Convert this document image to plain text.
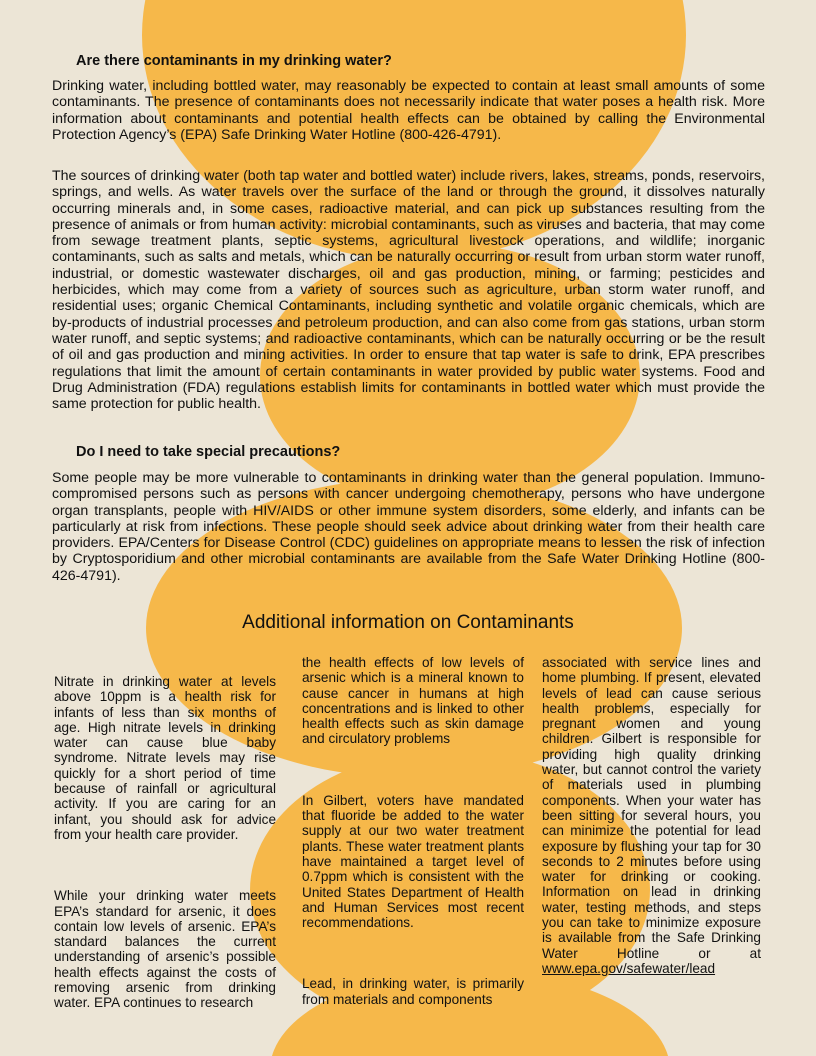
Are there contaminants in my drinking water?

Drinking water, including bottled water, may reasonably be expected to contain at least small amounts of some contaminants. The presence of contaminants does not necessarily indicate that water poses a health risk. More information about contaminants and potential health effects can be obtained by calling the Environmental Protection Agency’s (EPA) Safe Drinking Water Hotline (800-426-4791).

The sources of drinking water (both tap water and bottled water) include rivers, lakes, streams, ponds, reservoirs, springs, and wells. As water travels over the surface of the land or through the ground, it dissolves naturally occurring minerals and, in some cases, radioactive material, and can pick up substances resulting from the presence of animals or from human activity: microbial contaminants, such as viruses and bacteria, that may come from sewage treatment plants, septic systems, agricultural livestock operations, and wildlife; inorganic contaminants, such as salts and metals, which can be naturally occurring or result from urban storm water runoff, industrial, or domestic wastewater discharges, oil and gas production, mining, or farming; pesticides and herbicides, which may come from a variety of sources such as agriculture, urban storm water runoff, and residential uses; organic Chemical Contaminants, including synthetic and volatile organic chemicals, which are by-products of industrial processes and petroleum production, and can also come from gas stations, urban storm water runoff, and septic systems; and radioactive contaminants, which can be naturally occurring or be the result of oil and gas production and mining activities. In order to ensure that tap water is safe to drink, EPA prescribes regulations that limit the amount of certain contaminants in water provided by public water systems. Food and Drug Administration (FDA) regulations establish limits for contaminants in bottled water which must provide the same protection for public health.

Do I need to take special precautions?

Some people may be more vulnerable to contaminants in drinking water than the general population. Immuno-compromised persons such as persons with cancer undergoing chemotherapy, persons who have undergone organ transplants, people with HIV/AIDS or other immune system disorders, some elderly, and infants can be particularly at risk from infections. These people should seek advice about drinking water from their health care providers. EPA/Centers for Disease Control (CDC) guidelines on appropriate means to lessen the risk of infection by Cryptosporidium and other microbial contaminants are available from the Safe Water Drinking Hotline (800-426-4791).

Additional information on Contaminants

Nitrate in drinking water at levels above 10ppm is a health risk for infants of less than six months of age. High nitrate levels in drinking water can cause blue baby syndrome. Nitrate levels may rise quickly for a short period of time because of rainfall or agricultural activity. If you are caring for an infant, you should ask for advice from your health care provider.

While your drinking water meets EPA’s standard for arsenic, it does contain low levels of arsenic. EPA’s standard balances the current understanding of arsenic’s possible health effects against the costs of removing arsenic from drinking water. EPA continues to research

the health effects of low levels of arsenic which is a mineral known to cause cancer in humans at high concentrations and is linked to other health effects such as skin damage and circulatory problems

In Gilbert, voters have mandated that fluoride be added to the water supply at our two water treatment plants. These water treatment plants have maintained a target level of 0.7ppm which is consistent with the United States Department of Health and Human Services most recent recommendations.

Lead, in drinking water, is primarily from materials and components

associated with service lines and home plumbing. If present, elevated levels of lead can cause serious health problems, especially for pregnant women and young children. Gilbert is responsible for providing high quality drinking water, but cannot control the variety of materials used in plumbing components. When your water has been sitting for several hours, you can minimize the potential for lead exposure by flushing your tap for 30 seconds to 2 minutes before using water for drinking or cooking. Information on lead in drinking water, testing methods, and steps you can take to minimize exposure is available from the Safe Drinking Water Hotline or at www.epa.gov/safewater/lead
